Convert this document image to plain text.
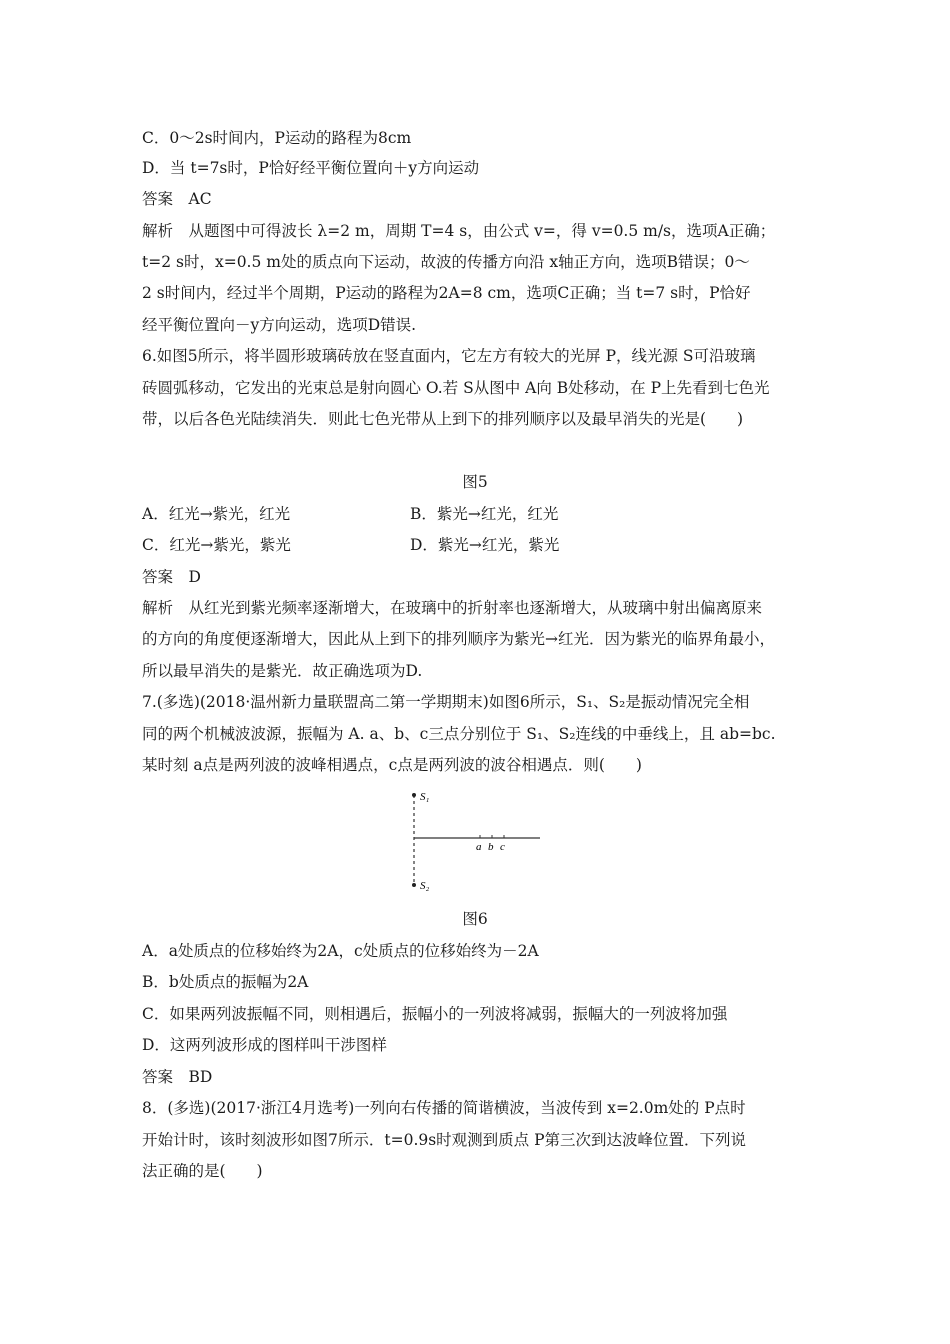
C．0～2s时间内，P运动的路程为8cm
D．当 t=7s时，P恰好经平衡位置向＋y方向运动
答案　AC
解析　从题图中可得波长 λ=2 m，周期 T=4 s，由公式 v=，得 v=0.5 m/s，选项A正确；
t=2 s时，x=0.5 m处的质点向下运动，故波的传播方向沿 x轴正方向，选项B错误；0～
2 s时间内，经过半个周期，P运动的路程为2A=8 cm，选项C正确；当 t=7 s时，P恰好
经平衡位置向－y方向运动，选项D错误.
6.如图5所示，将半圆形玻璃砖放在竖直面内，它左方有较大的光屏 P，线光源 S可沿玻璃
砖圆弧移动，它发出的光束总是射向圆心 O.若 S从图中 A向 B处移动，在 P上先看到七色光
带，以后各色光陆续消失．则此七色光带从上到下的排列顺序以及最早消失的光是(　　)
图5
A．红光→紫光，红光	B．紫光→红光，红光
C．红光→紫光，紫光	D．紫光→红光，紫光
答案　D
解析　从红光到紫光频率逐渐增大，在玻璃中的折射率也逐渐增大，从玻璃中射出偏离原来
的方向的角度便逐渐增大，因此从上到下的排列顺序为紫光→红光．因为紫光的临界角最小，
所以最早消失的是紫光．故正确选项为D.
7.(多选)(2018·温州新力量联盟高二第一学期期末)如图6所示，S₁、S₂是振动情况完全相
同的两个机械波波源，振幅为 A. a、b、c三点分别位于 S₁、S₂连线的中垂线上，且 ab=bc.
某时刻 a点是两列波的波峰相遇点，c点是两列波的波谷相遇点．则(　　)
S₁
S₂
a b c
图6
A．a处质点的位移始终为2A，c处质点的位移始终为－2A
B．b处质点的振幅为2A
C．如果两列波振幅不同，则相遇后，振幅小的一列波将减弱，振幅大的一列波将加强
D．这两列波形成的图样叫干涉图样
答案　BD
8．(多选)(2017·浙江4月选考)一列向右传播的简谐横波，当波传到 x=2.0m处的 P点时
开始计时，该时刻波形如图7所示．t=0.9s时观测到质点 P第三次到达波峰位置．下列说
法正确的是(　　)
